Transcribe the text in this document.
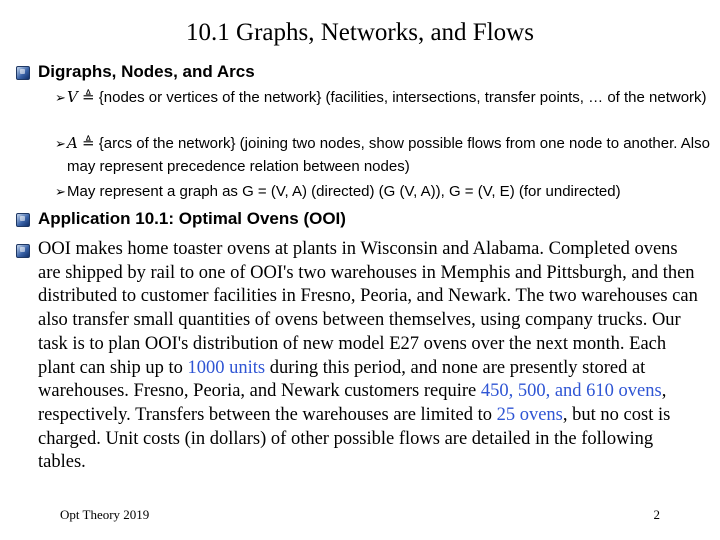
10.1 Graphs, Networks, and Flows
Digraphs, Nodes, and Arcs
➢ V ≜ {nodes or vertices of the network} (facilities, intersections, transfer points, … of the network)
➢ A ≜ {arcs of the network} (joining two nodes, show possible flows from one node to another. Also may represent precedence relation between nodes)
➢ May represent a graph as G = (V, A) (directed) (G (V, A)), G = (V, E) (for undirected)
Application 10.1: Optimal Ovens (OOI)
OOI makes home toaster ovens at plants in Wisconsin and Alabama. Completed ovens are shipped by rail to one of OOI's two warehouses in Memphis and Pittsburgh, and then distributed to customer facilities in Fresno, Peoria, and Newark. The two warehouses can also transfer small quantities of ovens between themselves, using company trucks. Our task is to plan OOI's distribution of new model E27 ovens over the next month. Each plant can ship up to 1000 units during this period, and none are presently stored at warehouses. Fresno, Peoria, and Newark customers require 450, 500, and 610 ovens, respectively. Transfers between the warehouses are limited to 25 ovens, but no cost is charged. Unit costs (in dollars) of other possible flows are detailed in the following tables.
Opt Theory 2019	2
